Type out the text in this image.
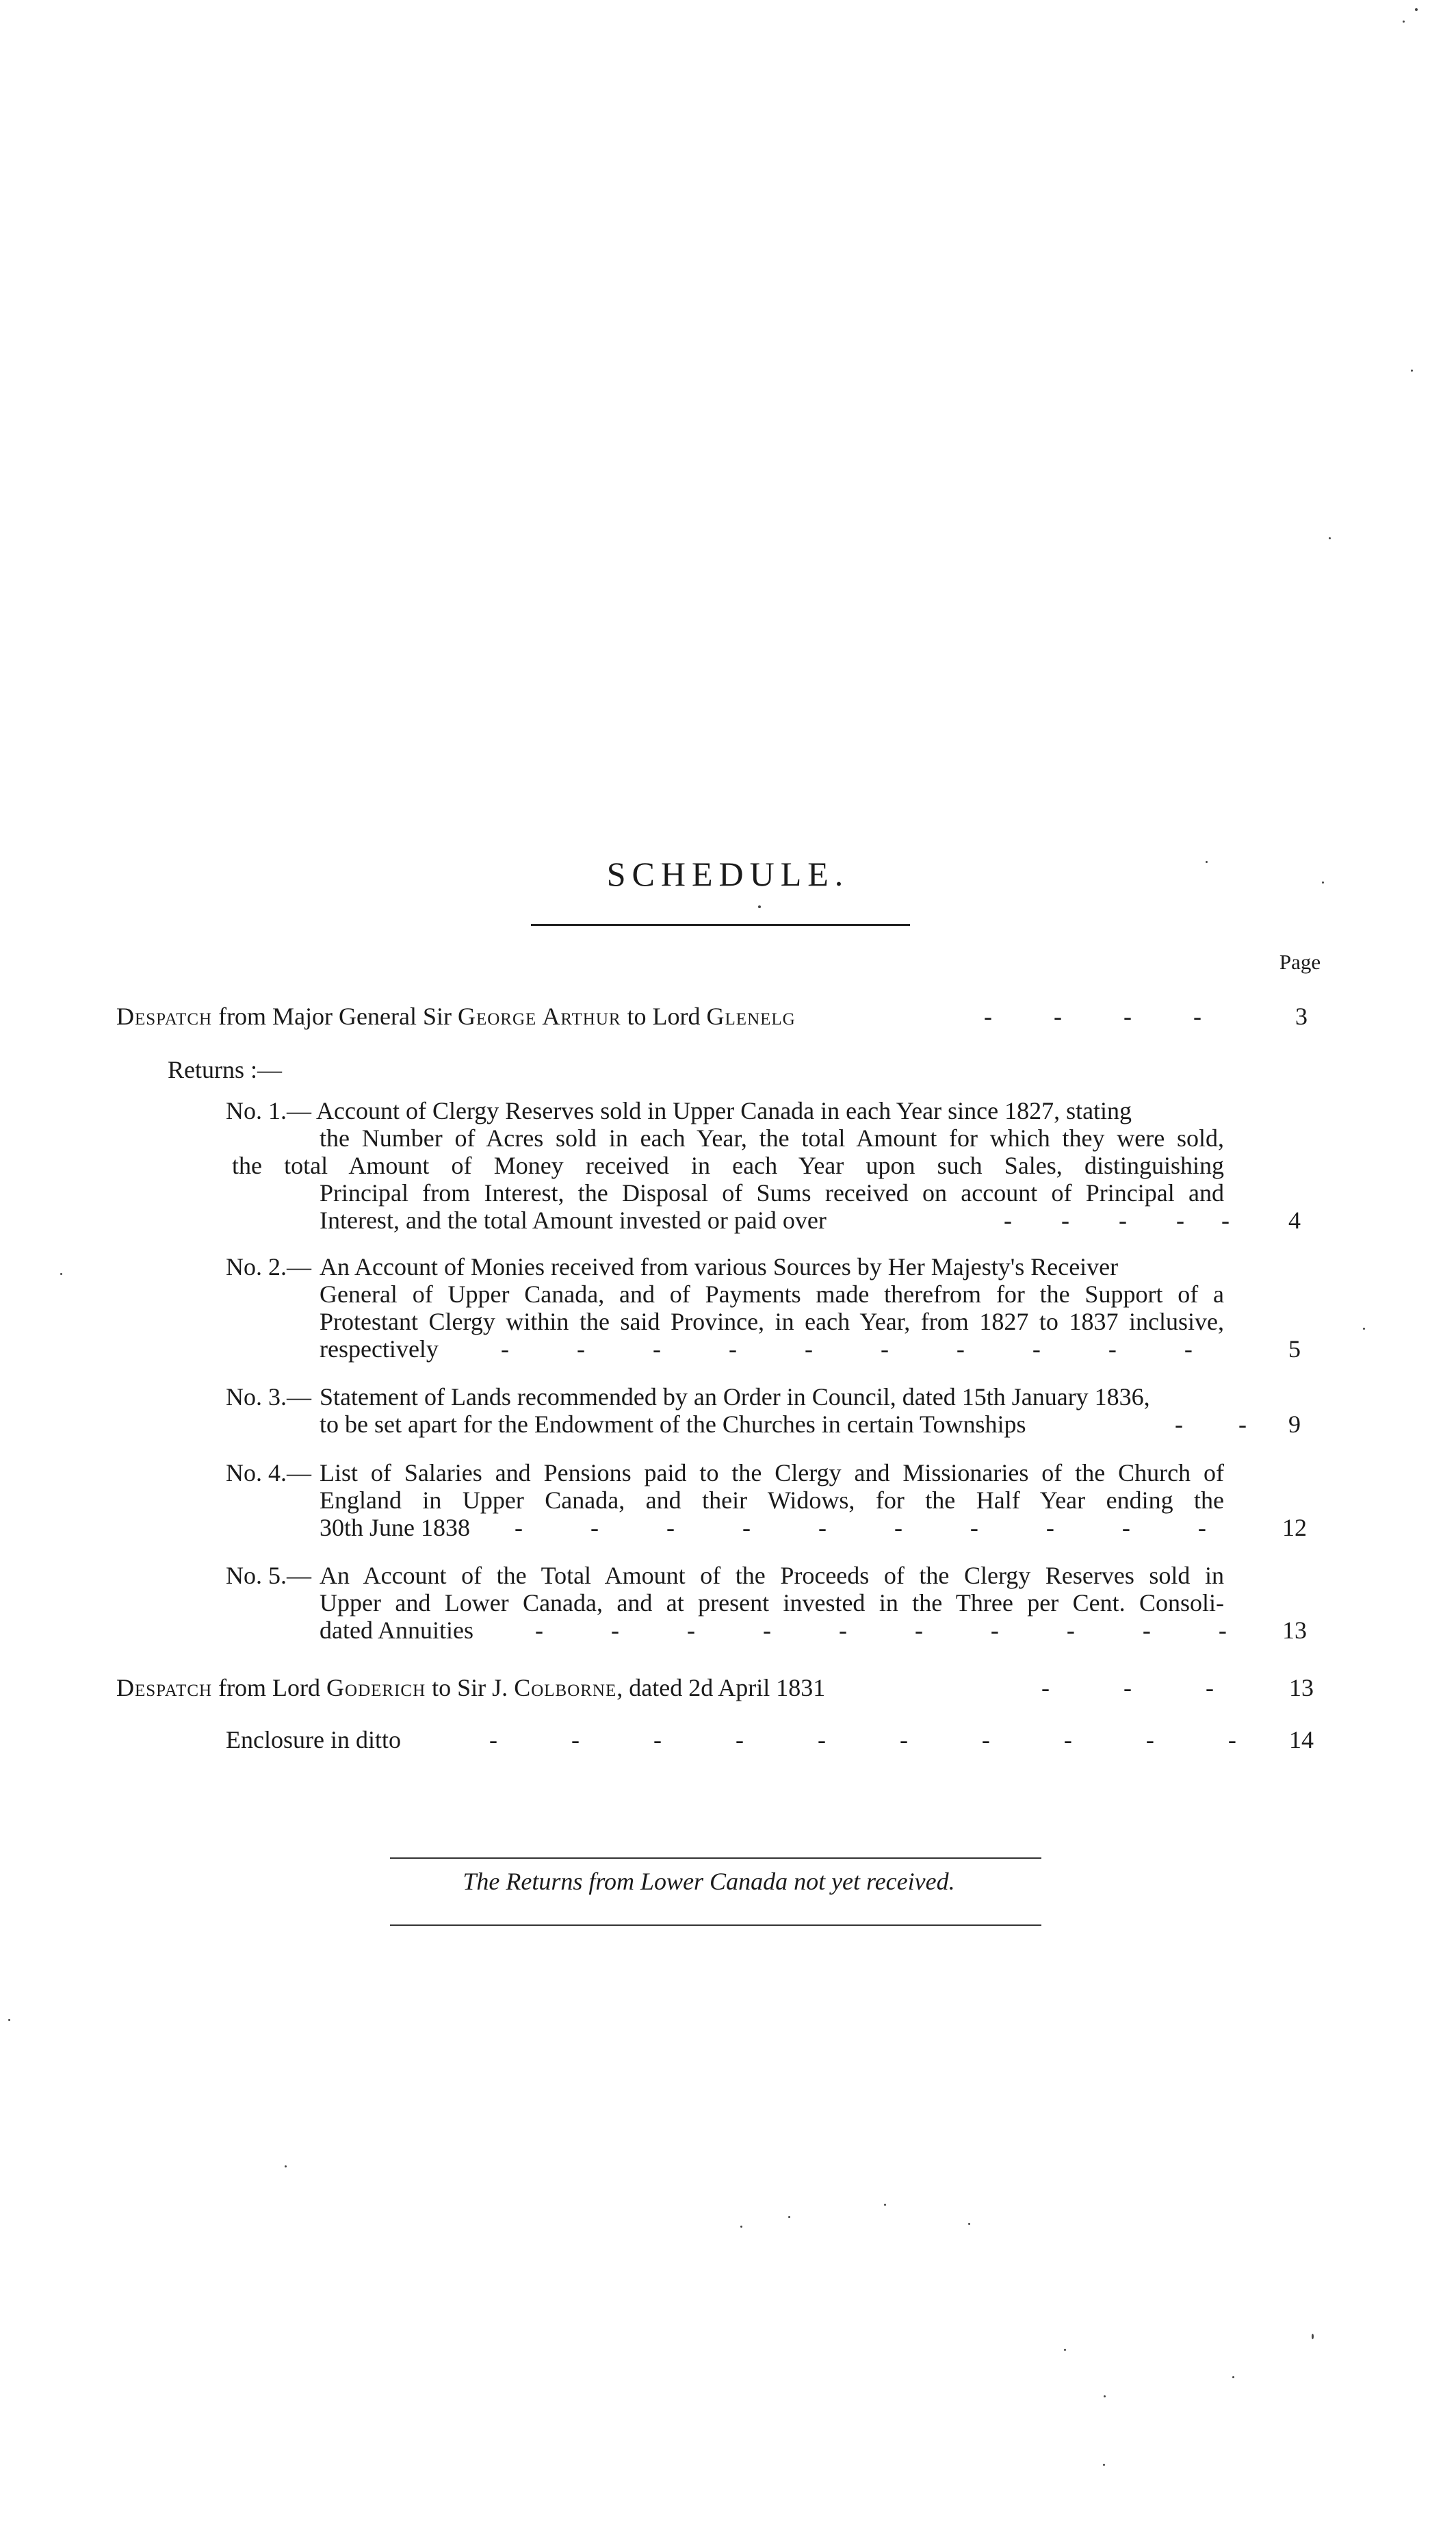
SCHEDULE.
Page
Despatch from Major General Sir George Arthur to Lord Glenelg	-          -          -          -	3
Returns :—
No. 1.— Account of Clergy Reserves sold in Upper Canada in each Year since 1827, stating
the Number of Acres sold in each Year, the total Amount for which they were sold,
the total Amount of Money received in each Year upon such Sales, distinguishing
Principal from Interest, the Disposal of Sums received on account of Principal and
Interest, and the total Amount invested or paid over	-        -        -        -      -	4
No. 2.— An Account of Monies received from various Sources by Her Majesty's Receiver
General of Upper Canada, and of Payments made therefrom for the Support of a
Protestant Clergy within the said Province, in each Year, from 1827 to 1837 inclusive,
respectively	-           -           -           -           -           -           -           -           -           -	5
No. 3.— Statement of Lands recommended by an Order in Council, dated 15th January 1836,
to be set apart for the Endowment of the Churches in certain Townships	-         -	9
No. 4.— List of Salaries and Pensions paid to the Clergy and Missionaries of the Church of
England in Upper Canada, and their Widows, for the Half Year ending the
30th June 1838 -           -           -           -           -           -           -           -           -           -	12
No. 5.— An Account of the Total Amount of the Proceeds of the Clergy Reserves sold in
Upper and Lower Canada, and at present invested in the Three per Cent. Consoli-
dated Annuities	-           -           -           -           -           -           -           -           -           -	13
Despatch from Lord Goderich to Sir J. Colborne, dated 2d April 1831	-            -            -	13
Enclosure in ditto	-            -            -            -            -            -            -            -            -            -	14
The Returns from Lower Canada not yet received.
